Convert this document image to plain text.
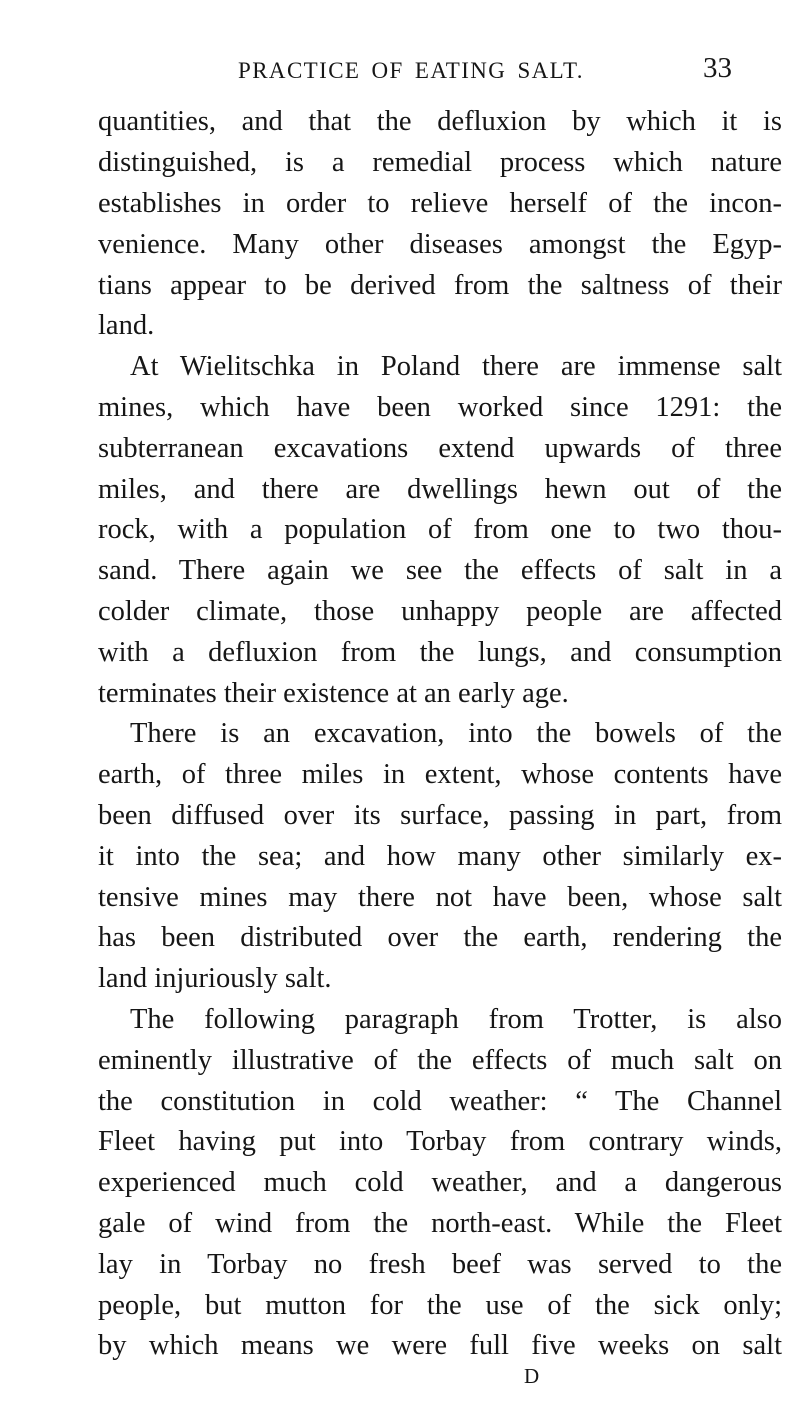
PRACTICE OF EATING SALT.	33
quantities, and that the defluxion by which it is
distinguished, is a remedial process which nature
establishes in order to relieve herself of the incon-
venience. Many other diseases amongst the Egyp-
tians appear to be derived from the saltness of their
land.
At Wielitschka in Poland there are immense salt
mines, which have been worked since 1291: the
subterranean excavations extend upwards of three
miles, and there are dwellings hewn out of the
rock, with a population of from one to two thou-
sand. There again we see the effects of salt in a
colder climate, those unhappy people are affected
with a defluxion from the lungs, and consumption
terminates their existence at an early age.
There is an excavation, into the bowels of the
earth, of three miles in extent, whose contents have
been diffused over its surface, passing in part, from
it into the sea; and how many other similarly ex-
tensive mines may there not have been, whose salt
has been distributed over the earth, rendering the
land injuriously salt.
The following paragraph from Trotter, is also
eminently illustrative of the effects of much salt on
the constitution in cold weather: “ The Channel
Fleet having put into Torbay from contrary winds,
experienced much cold weather, and a dangerous
gale of wind from the north-east. While the Fleet
lay in Torbay no fresh beef was served to the
people, but mutton for the use of the sick only;
by which means we were full five weeks on salt
D
